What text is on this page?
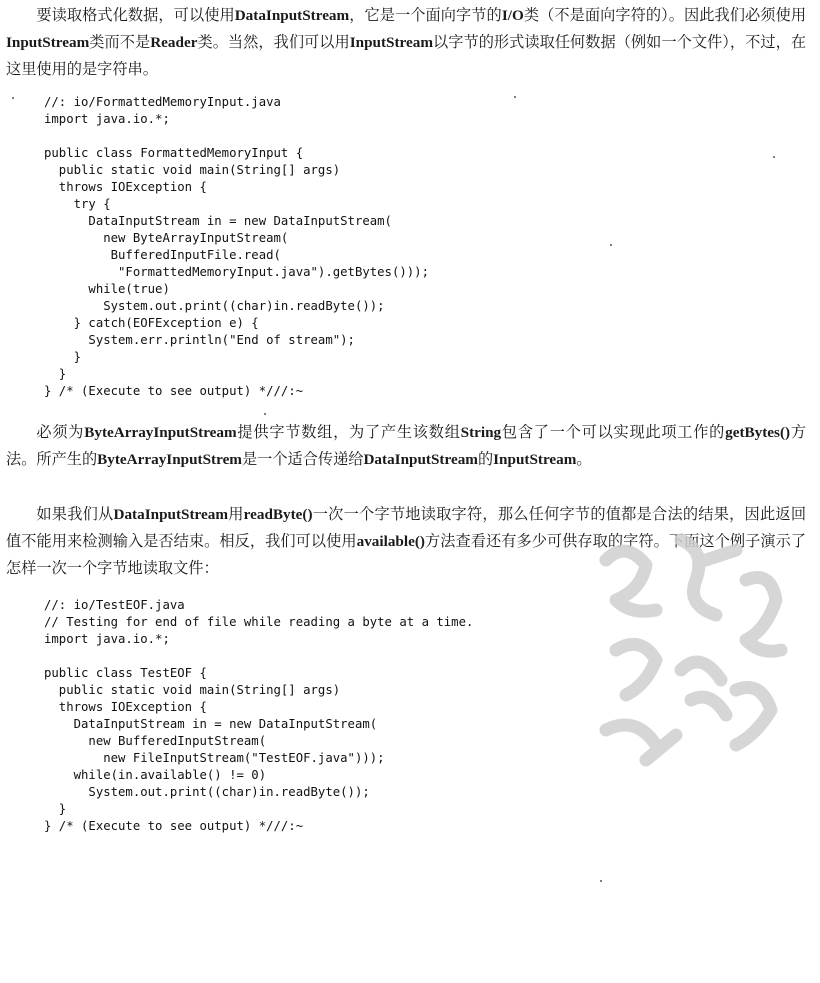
要读取格式化数据，可以使用DataInputStream，它是一个面向字节的I/O类（不是面向字符的）。因此我们必须使用InputStream类而不是Reader类。当然，我们可以用InputStream以字节的形式读取任何数据（例如一个文件），不过，在这里使用的是字符串。

//: io/FormattedMemoryInput.java
import java.io.*;

public class FormattedMemoryInput {
public static void main(String[] args)
throws IOException {
try {
DataInputStream in = new DataInputStream(
new ByteArrayInputStream(
BufferedInputFile.read(
"FormattedMemoryInput.java").getBytes()));
while(true)
System.out.print((char)in.readByte());
} catch(EOFException e) {
System.err.println("End of stream");
}
}
} /* (Execute to see output) *///:~

必须为ByteArrayInputStream提供字节数组，为了产生该数组String包含了一个可以实现此项工作的getBytes()方法。所产生的ByteArrayInputStrem是一个适合传递给DataInputStream的InputStream。

如果我们从DataInputStream用readByte()一次一个字节地读取字符，那么任何字节的值都是合法的结果，因此返回值不能用来检测输入是否结束。相反，我们可以使用available()方法查看还有多少可供存取的字符。下面这个例子演示了怎样一次一个字节地读取文件：

//: io/TestEOF.java
// Testing for end of file while reading a byte at a time.
import java.io.*;

public class TestEOF {
public static void main(String[] args)
throws IOException {
DataInputStream in = new DataInputStream(
new BufferedInputStream(
new FileInputStream("TestEOF.java")));
while(in.available() != 0)
System.out.print((char)in.readByte());
}
} /* (Execute to see output) *///:~
